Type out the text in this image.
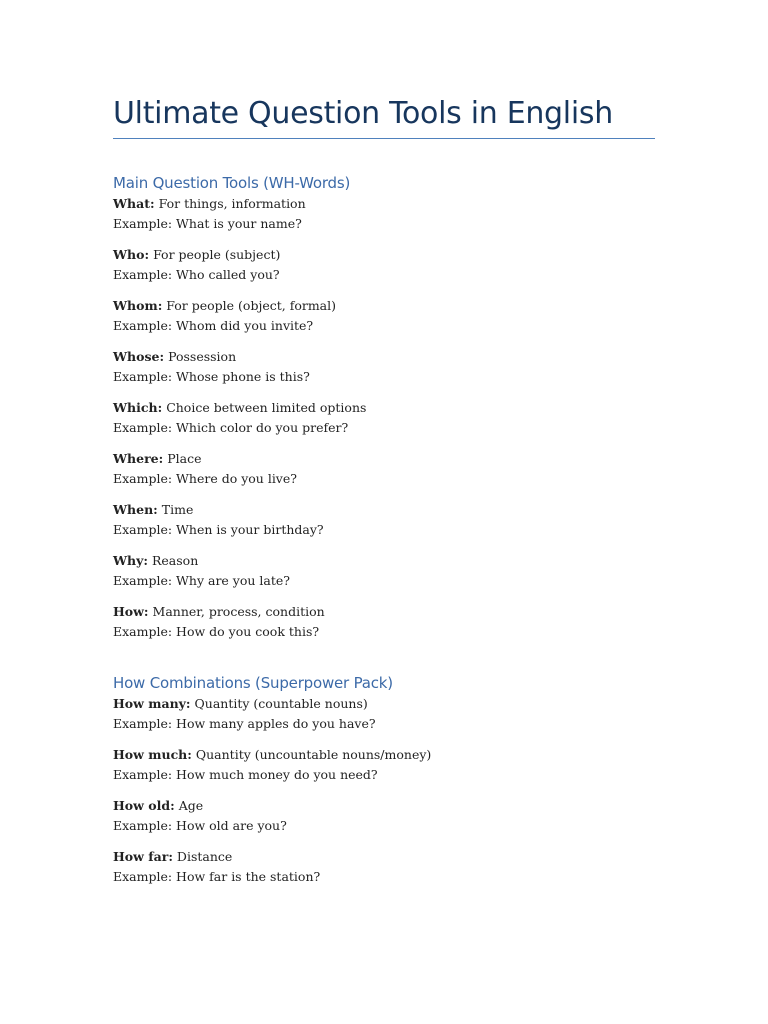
Ultimate Question Tools in English
Main Question Tools (WH-Words)

What: For things, information
Example: What is your name?

Who: For people (subject)
Example: Who called you?

Whom: For people (object, formal)
Example: Whom did you invite?

Whose: Possession
Example: Whose phone is this?

Which: Choice between limited options
Example: Which color do you prefer?

Where: Place
Example: Where do you live?

When: Time
Example: When is your birthday?

Why: Reason
Example: Why are you late?

How: Manner, process, condition
Example: How do you cook this?

How Combinations (Superpower Pack)

How many: Quantity (countable nouns)
Example: How many apples do you have?

How much: Quantity (uncountable nouns/money)
Example: How much money do you need?

How old: Age
Example: How old are you?

How far: Distance
Example: How far is the station?
